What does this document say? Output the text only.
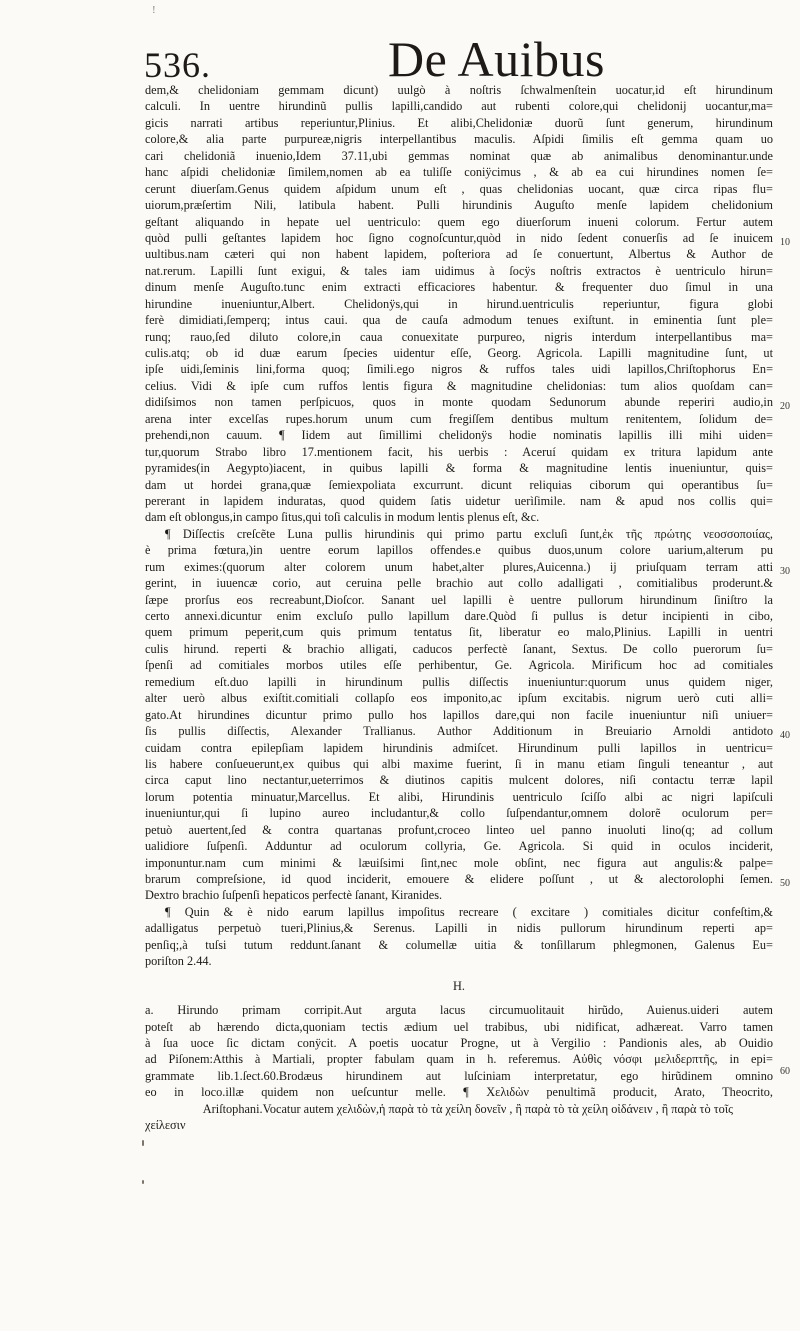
!
536.	De Auibus
dem,& chelidoniam gemmam dicunt) uulgò à noſtris ſchwalmenſtein uocatur,id eſt hirundinum
calculi. In uentre hirundinũ pullis lapilli,candido aut rubenti colore,qui chelidonij uocantur,ma=
gicis narrati artibus reperiuntur,Plinius. Et alibi,Chelidoniæ duorũ ſunt generum, hirundinum
colore,& alia parte purpureæ,nigris interpellantibus maculis. Aſpidi ſimilis eſt gemma quam uo
cari chelidoniã inuenio,Idem 37.11,ubi gemmas nominat quæ ab animalibus denominantur.unde
hanc aſpidi chelidoniæ ſimilem,nomen ab ea tuliſſe coniÿcimus , & ab ea cui hirundines nomen ſe=
cerunt diuerſam.Genus quidem aſpidum unum eſt , quas chelidonias uocant, quæ circa ripas flu=
uiorum,præſertim Nili, latibula habent. Pulli hirundinis Auguſto menſe lapidem chelidonium
geſtant aliquando in hepate uel uentriculo: quem ego diuerſorum inueni colorum. Fertur autem
quòd pulli geſtantes lapidem hoc ſigno cognoſcuntur,quòd in nido ſedent conuerſis ad ſe inuicem
uultibus.nam cæteri qui non habent lapidem, poſteriora ad ſe conuertunt, Albertus & Author de
nat.rerum. Lapilli ſunt exigui, & tales iam uidimus à ſocÿs noſtris extractos è uentriculo hirun=
dinum menſe Auguſto.tunc enim extracti efficaciores habentur. & frequenter duo ſimul in una
hirundine inueniuntur,Albert. Chelidonÿs,qui in hirund.uentriculis reperiuntur, figura globi
ferè dimidiati,ſemperq; intus caui. qua de cauſa admodum tenues exiſtunt. in eminentia ſunt ple=
runq; rauo,ſed diluto colore,in caua conuexitate purpureo, nigris interdum interpellantibus ma=
culis.atq; ob id duæ earum ſpecies uidentur eſſe, Georg. Agricola. Lapilli magnitudine ſunt, ut
ipſe uidi,ſeminis lini,forma quoq; ſimili.ego nigros & ruffos tales uidi lapillos,Chriſtophorus En=
celius. Vidi & ipſe cum ruffos lentis figura & magnitudine chelidonias: tum alios quoſdam can=
didiſsimos non tamen perſpicuos, quos in monte quodam Sedunorum abunde reperiri audio,in
arena inter excelſas rupes.horum unum cum fregiſſem dentibus multum renitentem, ſolidum de=
prehendi,non cauum. ¶ Iidem aut ſimillimi chelidonÿs hodie nominatis lapillis illi mihi uiden=
tur,quorum Strabo libro 17.mentionem facit, his uerbis : Aceruí quidam ex tritura lapidum ante
pyramides(in Aegypto)iacent, in quibus lapilli & forma & magnitudine lentis inueniuntur, quis=
dam ut hordei grana,quæ ſemiexpoliata excurrunt. dicunt reliquias ciborum qui operantibus ſu=
pererant in lapidem induratas, quod quidem ſatis uidetur uerìſimile. nam & apud nos collis qui=
dam eſt oblongus,in campo ſitus,qui toſi calculis in modum lentis plenus eſt, &c.
¶ Diſſectis creſcẽte Luna pullis hirundinis qui primo partu excluſi ſunt,ἐκ τῆς πρώτης νεοσσοποιίας,
è prima fœtura,)in uentre eorum lapillos offendes.e quibus duos,unum colore uarium,alterum pu
rum eximes:(quorum alter colorem unum habet,alter plures,Auicenna.) ij priuſquam terram atti
gerint, in iuuencæ corio, aut ceruina pelle brachio aut collo adalligati , comitialibus proderunt.&
ſæpe prorſus eos recreabunt,Dioſcor. Sanant uel lapilli è uentre pullorum hirundinum ſiniſtro la
certo annexi.dicuntur enim excluſo pullo lapillum dare.Quòd ſi pullus is detur incipienti in cibo,
quem primum peperit,cum quis primum tentatus ſit, liberatur eo malo,Plinius. Lapilli in uentri
culis hirund. reperti & brachio alligati, caducos perfectè ſanant, Sextus. De collo puerorum ſu=
ſpenſi ad comitiales morbos utiles eſſe perhibentur, Ge. Agricola. Mirificum hoc ad comitiales
remedium eſt.duo lapilli in hirundinum pullis diſſectis inueniuntur:quorum unus quidem niger,
alter uerò albus exiſtit.comitiali collapſo eos imponito,ac ipſum excitabis. nigrum uerò cuti alli=
gato.At hirundines dicuntur primo pullo hos lapillos dare,qui non facile inueniuntur niſi uniuer=
ſis pullis diſſectis, Alexander Trallianus. Author Additionum in Breuiario Arnoldi antidoto
cuidam contra epilepſiam lapidem hirundinis admiſcet. Hirundinum pulli lapillos in uentricu=
lis habere conſueuerunt,ex quibus qui albi maxime fuerint, ſi in manu etiam ſinguli teneantur , aut
circa caput lino nectantur,ueterrimos & diutinos capitis mulcent dolores, niſi contactu terræ lapil
lorum potentia minuatur,Marcellus. Et alibi, Hirundinis uentriculo ſciſſo albi ac nigri lapiſculi
inueniuntur,qui ſi lupino aureo includantur,& collo ſuſpendantur,omnem dolorẽ oculorum per=
petuò auertent,ſed & contra quartanas profunt,croceo linteo uel panno inuoluti lino(q; ad collum
ualidiore ſuſpenſi. Adduntur ad oculorum collyria, Ge. Agricola. Si quid in oculos inciderit,
imponuntur.nam cum minimi & læuiſsimi ſint,nec mole obſint, nec figura aut angulis:& palpe=
brarum compreſsione, id quod inciderit, emouere & elidere poſſunt , ut & alectorolophi ſemen.
Dextro brachio ſuſpenſi hepaticos perfectè ſanant, Kiranides.
¶ Quin & è nido earum lapillus impoſitus recreare ( excitare ) comitiales dicitur confeſtim,&
adalligatus perpetuò tueri,Plinius,& Serenus. Lapilli in nidis pullorum hirundinum reperti ap=
penſiq;,à tuſsi tutum reddunt.ſanant & columellæ uitia & tonſillarum phlegmonen, Galenus Eu=
poriſton 2.44.
H.
a. Hirundo primam corripit.Aut arguta lacus circumuolitauit hirũdo, Auienus.uideri autem
poteſt ab hærendo dicta,quoniam tectis ædium uel trabibus, ubi nidificat, adhæreat. Varro tamen
à ſua uoce ſic dictam conÿcit. A poetis uocatur Progne, ut à Vergilio : Pandionis ales, ab Ouidio
ad Piſonem:Atthis à Martiali, propter fabulam quam in h. referemus. Αὐθὶς νόσφι μελιδερπτῆς, in epi=
grammate lib.1.ſect.60.Brodæus hirundinem aut luſciniam interpretatur, ego hirũdinem omnino
eo in loco.illæ quidem non ueſcuntur melle. ¶ Χελιδὼν penultimã producit, Arato, Theocrito,
Ariſtophani.Vocatur autem χελιδὼν,ἡ παρὰ τὸ τὰ χείλη δονεῖν , ἢ παρὰ τὸ τὰ χείλη οἰδάνειν , ἢ παρὰ τὸ τοῖς
χείλεσιν
10
20
30
40
50
60
